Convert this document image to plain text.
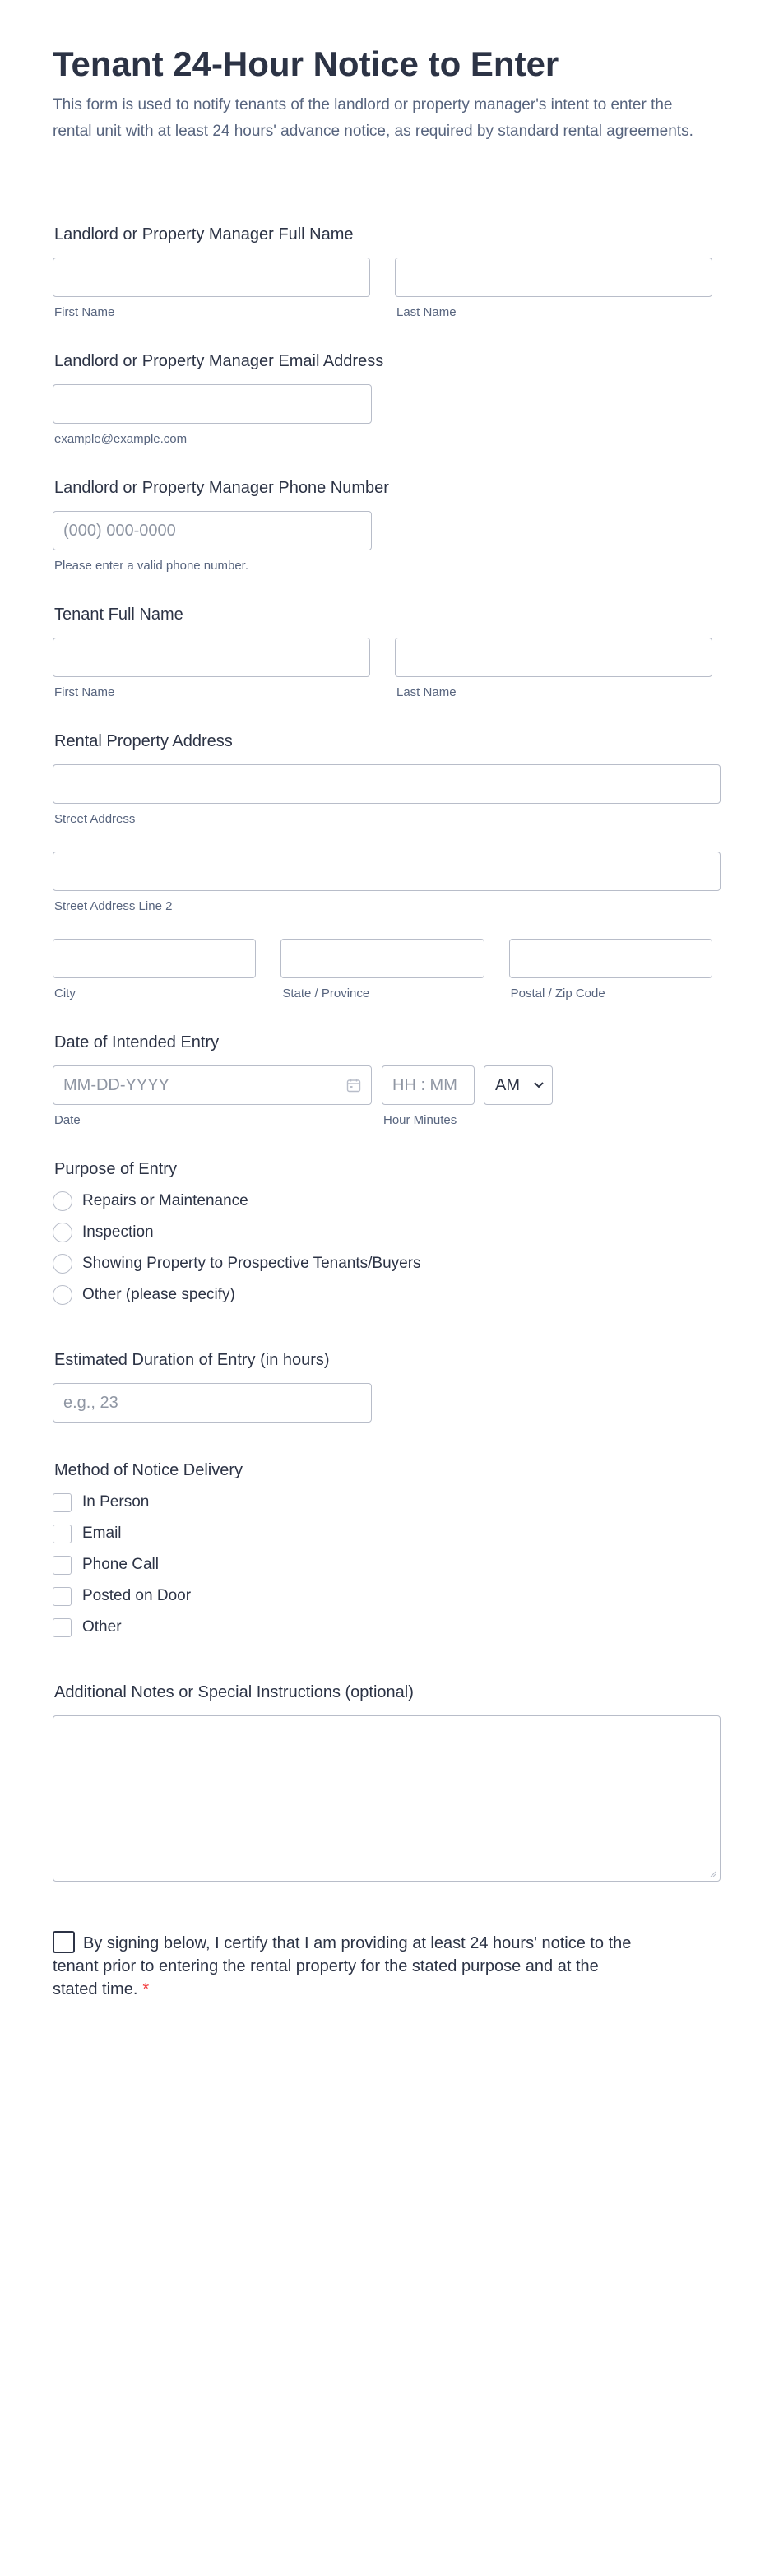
Tenant 24-Hour Notice to Enter
This form is used to notify tenants of the landlord or property manager's intent to enter the rental unit with at least 24 hours' advance notice, as required by standard rental agreements.
Landlord or Property Manager Full Name
First Name	Last Name
Landlord or Property Manager Email Address
example@example.com
Landlord or Property Manager Phone Number
(000) 000-0000
Please enter a valid phone number.
Tenant Full Name
First Name	Last Name
Rental Property Address
Street Address
Street Address Line 2
City	State / Province	Postal / Zip Code
Date of Intended Entry
MM-DD-YYYY
Date
HH : MM
Hour Minutes
AM
Purpose of Entry
Repairs or Maintenance
Inspection
Showing Property to Prospective Tenants/Buyers
Other (please specify)
Estimated Duration of Entry (in hours)
e.g., 23
Method of Notice Delivery
In Person
Email
Phone Call
Posted on Door
Other
Additional Notes or Special Instructions (optional)
By signing below, I certify that I am providing at least 24 hours' notice to the tenant prior to entering the rental property for the stated purpose and at the stated time. *
